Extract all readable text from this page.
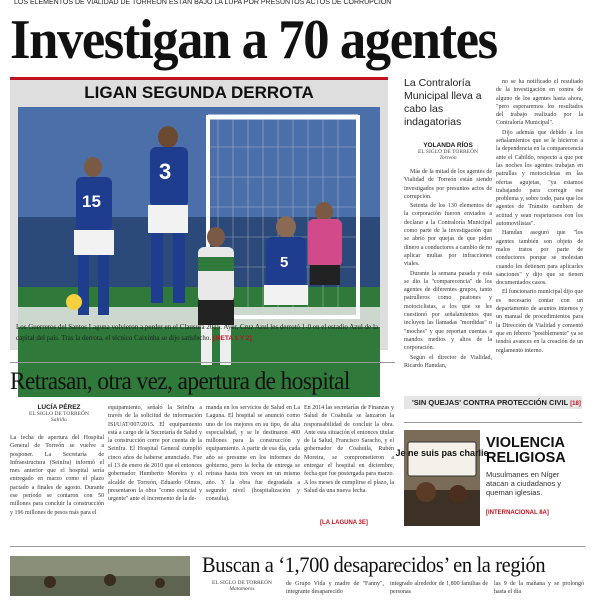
LOS ELEMENTOS DE VIALIDAD DE TORREÓN ESTÁN BAJO LA LUPA POR PRESUNTOS ACTOS DE CORRUPCIÓN
Investigan a 70 agentes
LIGAN SEGUNDA DERROTA
3
15
5
Los Guerreros del Santos Laguna volvieron a perder en el Clausura 2015. Ayer, Cruz Azul les derrotó 1-0 en el estadio Azul de la capital del país. Tras la derrota, el técnico Caixinha se dijo satisfecho. [META 1 Y 2]
La Contraloría Municipal lleva a cabo las indagatorias
YOLANDA RÍOS
EL SIGLO DE TORREÓN
Torreón

Más de la mitad de los agentes de Vialidad de Torreón están siendo investigados por presuntos actos de corrupción.

Setenta de los 130 elementos de la corporación fueron enviados a declarar a la Contraloría Municipal como parte de la investigación que se abrió por quejas de que piden dinero a conductores a cambio de no aplicar multas por infracciones viales.

Durante la semana pasada y esta se dio la "comparecencia" de los agentes de diferentes grupos, tanto patrulleros como peatones y motociclistas, a los que se les cuestionó por señalamientos que incluyen las llamadas "mordidas" o "moches" y que reportan cuentas a mandos medios y altos de la corporación.

Según el director de Vialidad, Ricardo Hamdan,

no se ha notificado el resultado de la investigación en contra de alguno de los agentes hasta ahora, "pero esperaremos los resultados del trabajo realizado por la Contraloría Municipal".

Dijo además que debido a los señalamientos que se le hicieron a la dependencia en la comparecencia ante el Cabildo, respecto a que por las noches los agentes trabajan en patrullas y motocicletas en las ofertas agujetas, "ya estamos trabajando para corregir ese problema y, sobre todo, para que los agentes de Tránsito cambien de actitud y sean respetuosos con los automovilistas".

Hamdan aseguró que "los agentes también son objeto de malos tratos por parte de conductores porque se molestan cuando les detienen para aplicarles sanciones" y dijo que se tienen documentados casos.

El funcionario municipal dijo que es necesario contar con un departamento de asuntos internos y un manual de procedimientos para la Dirección de Vialidad y comentó que en febrero "posiblemente" ya se tendrá avances en la creación de un reglamento interno.

'SIN QUEJAS' CONTRA PROTECCIÓN CIVIL [18]
Retrasan, otra vez, apertura de hospital
LUCÍA PÉREZ
EL SIGLO DE TORREÓN
Saltillo
La fecha de apertura del Hospital General de Torreón se vuelve a posponer. La Secretaría de Infraestructura (Seinfra) informó el mes anterior que el hospital sería entregado en marzo como el plazo pactado a finales de agosto. Durante ese período se contaron con 50 millones para concluir la construcción y 196 millones de pesos más para el
equipamiento, señaló la Seinfra a través de la solicitud de información ISI/UAT/007/2015. El equipamiento está a cargo de la Secretaría de Salud y la construcción corre por cuenta de la Seinfra. El Hospital General cumplió cinco años de haberse anunciado. Fue el 13 de enero de 2010 que el entonces gobernador Humberto Moreira y el alcalde de Torreón, Eduardo Olmos, presentaron la obra "como esencial y urgente" ante el incremento de la de-
manda en los servicios de Salud en La Laguna. El hospital se anunció como uno de los mejores en su tipo, de alta especialidad, y se le destinaron 400 millones para la construcción y equipamiento. A partir de esa día, cada año se presume en los informes de gobierno, pero la fecha de entrega se retrasa hasta tres veces en un mismo año. Y la obra fue degradada a segundo nivel (hospitalización y consulta).
En 2014 las secretarías de Finanzas y Salud de Coahuila se lanzaron la responsabilidad de concluir la obra. Ante esta situación el entonces titular de la Salud, Francisco Saracho, y el gobernador de Coahuila, Rubén Moreira, se comprometieron a entregar el hospital en diciembre, fecha que fue postergada para marzo. A los meses de cumplirse el plazo, la Salud da una nueva fecha.
[LA LAGUNA 3E]
Je ne suis pas charlie
VIOLENCIA RELIGIOSA
Musulmanes en Níger atacan a ciudadanos y queman iglesias.
[INTERNACIONAL 8A]
Buscan a ‘1,700 desaparecidos’ en la región
EL SIGLO DE TORREÓN
Matamoros
de Grupo Vida y madre de "Fanny", integrante desaparecido
integrado alrededor de 1,800 familias de personas
las 9 de la mañana y se prolongó hasta el día
